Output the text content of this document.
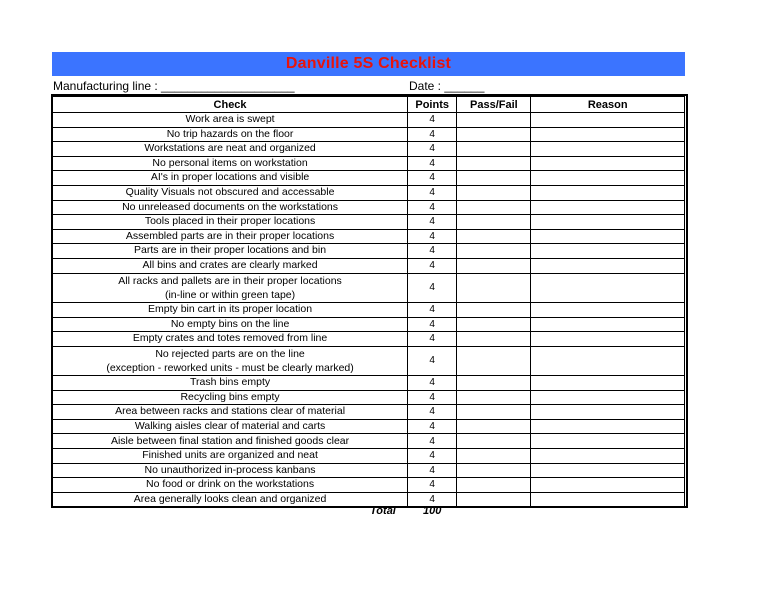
Danville 5S Checklist
Manufacturing line : ____________________	Date : ______
Check	Points	Pass/Fail	Reason

Work area is swept	4		

No trip hazards on the floor	4		

Workstations are neat and organized	4		

No personal items on workstation	4		

AI's in proper locations and visible	4		

Quality Visuals not obscured and accessable	4		

No unreleased documents on the workstations	4		

Tools placed in their proper locations	4		

Assembled parts are in their proper locations	4		

Parts are in their proper locations and bin	4		

All bins and crates are clearly marked	4		

All racks and pallets are in their proper locations
(in-line or within green tape)	4		

Empty bin cart in its proper location	4		

No empty bins on the line	4		

Empty crates and totes removed from line	4		

No rejected parts are on the line
(exception - reworked units - must be clearly marked)	4		

Trash bins empty	4		

Recycling bins empty	4		

Area between racks and stations clear of material	4		

Walking aisles clear of material and carts	4		

Aisle between final station and finished goods clear	4		

Finished units are organized and neat	4		

No unauthorized in-process kanbans	4		

No food or drink on the workstations	4		

Area generally looks clean and organized	4		
Total 100
